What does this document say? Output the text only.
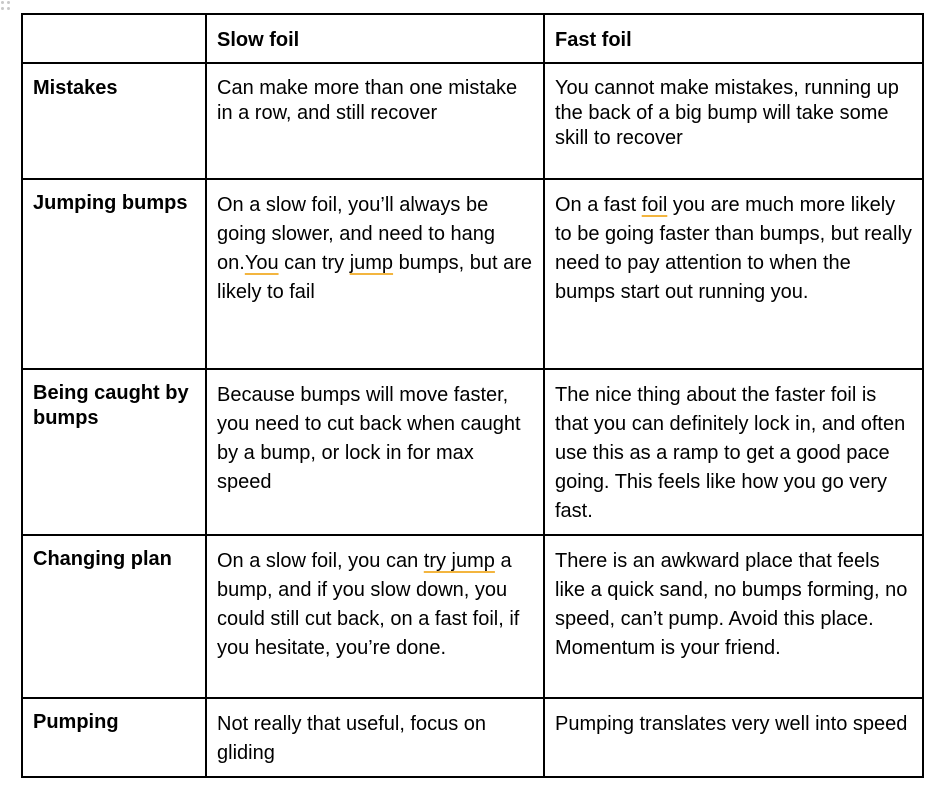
	Slow foil	Fast foil

Mistakes	Can make more than one mistake in a row, and still recover	You cannot make mistakes, running up the back of a big bump will take some skill to recover

Jumping bumps	On a slow foil, you’ll always be going slower, and need to hang on.You can try jump bumps, but are likely to fail	On a fast foil you are much more likely to be going faster than bumps, but really need to pay attention to when the bumps start out running you.

Being caught by bumps	Because bumps will move faster, you need to cut back when caught by a bump, or lock in for max speed	The nice thing about the faster foil is that you can definitely lock in, and often use this as a ramp to get a good pace going. This feels like how you go very fast.

Changing plan	On a slow foil, you can try jump a bump, and if you slow down, you could still cut back, on a fast foil, if you hesitate, you’re done.	There is an awkward place that feels like a quick sand, no bumps forming, no speed, can’t pump. Avoid this place. Momentum is your friend.

Pumping	Not really that useful, focus on gliding	Pumping translates very well into speed
